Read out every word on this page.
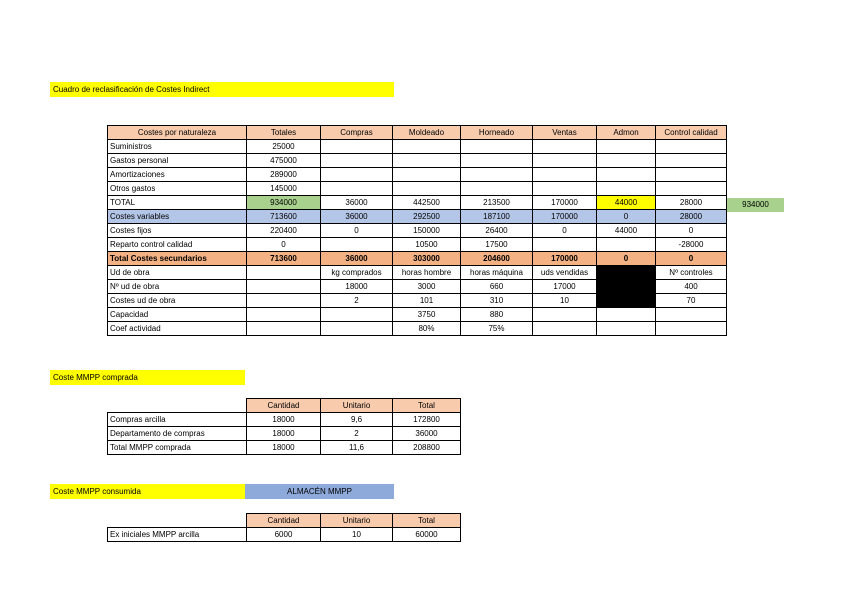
Cuadro de reclasificación de Costes Indirect
Costes por naturaleza	Totales	Compras	Moldeado	Horneado	Ventas	Admon	Control calidad
Suministros	25000						
Gastos personal	475000						
Amortizaciones	289000						
Otros gastos	145000						
TOTAL	934000	36000	442500	213500	170000	44000	28000
Costes variables	713600	36000	292500	187100	170000	0	28000
Costes fijos	220400	0	150000	26400	0	44000	0
Reparto control calidad	0		10500	17500			-28000
Total Costes secundarios	713600	36000	303000	204600	170000	0	0
Ud de obra		kg comprados	horas hombre	horas máquina	uds vendidas		Nº controles
Nº ud de obra		18000	3000	660	17000		400
Costes ud de obra		2	101	310	10		70
Capacidad			3750	880			
Coef actividad			80%	75%			
934000
Coste MMPP comprada
	Cantidad	Unitario	Total
Compras arcilla	18000	9,6	172800
Departamento de compras	18000	2	36000
Total MMPP comprada	18000	11,6	208800
Coste MMPP consumida	ALMACÉN MMPP
	Cantidad	Unitario	Total
Ex iniciales MMPP arcilla	6000	10	60000
